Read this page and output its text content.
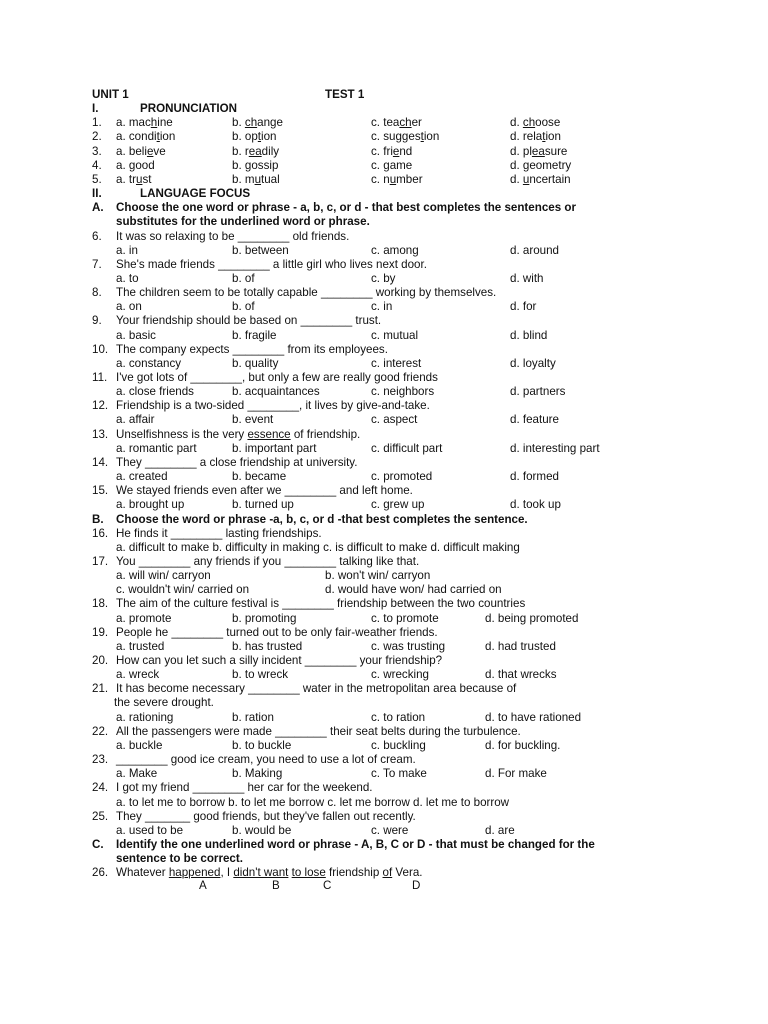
UNIT 1	TEST 1
I.	PRONUNCIATION
1.	a. machine	b. change	c. teacher	d. choose
2.	a. condition	b. option	c. suggestion	d. relation
3.	a. believe	b. readily	c. friend	d. pleasure
4.	a. good	b. gossip	c. game	d. geometry
5.	a. trust	b. mutual	c. number	d. uncertain
II.	LANGUAGE FOCUS
A. Choose the one word or phrase - a, b, c, or d - that best completes the sentences or
substitutes for the underlined word or phrase.
6.	It was so relaxing to be ________ old friends.
a. in	b. between	c. among	d. around
7.	She's made friends ________ a little girl who lives next door.
a. to	b. of	c. by	d. with
8.	The children seem to be totally capable ________ working by themselves.
a. on	b. of	c. in	d. for
9.	Your friendship should be based on ________ trust.
a. basic	b. fragile	c. mutual	d. blind
10. The company expects ________ from its employees.
a. constancy	b. quality	c. interest	d. loyalty
11. I've got lots of ________, but only a few are really good friends
a. close friends	b. acquaintances	c. neighbors	d. partners
12. Friendship is a two-sided ________, it lives by give-and-take.
a. affair	b. event	c. aspect	d. feature
13. Unselfishness is the very essence of friendship.
a. romantic part	b. important part	c. difficult part	d. interesting part
14. They ________ a close friendship at university.
a. created	b. became	c. promoted	d. formed
15. We stayed friends even after we ________ and left home.
a. brought up	b. turned up	c. grew up	d. took up
B. Choose the word or phrase -a, b, c, or d -that best completes the sentence.
16. He finds it ________ lasting friendships.
a. difficult to make b. difficulty in making c. is difficult to make d. difficult making
17. You ________ any friends if you ________ talking like that.
a. will win/ carryon	b. won't win/ carryon
c. wouldn't win/ carried on	d. would have won/ had carried on
18. The aim of the culture festival is ________ friendship between the two countries
a. promote	b. promoting	c. to promote	d. being promoted
19. People he ________ turned out to be only fair-weather friends.
a. trusted	b. has trusted	c. was trusting	d. had trusted
20. How can you let such a silly incident ________ your friendship?
a. wreck	b. to wreck	c. wrecking	d. that wrecks
21. It has become necessary ________ water in the metropolitan area because of
the severe drought.
a. rationing	b. ration	c. to ration	d. to have rationed
22. All the passengers were made ________ their seat belts during the turbulence.
a. buckle	b. to buckle	c. buckling	d. for buckling.
23. ________ good ice cream, you need to use a lot of cream.
a. Make	b. Making	c. To make	d. For make
24. I got my friend ________ her car for the weekend.
a. to let me to borrow b. to let me borrow c. let me borrow d. let me to borrow
25. They _______ good friends, but they've fallen out recently.
a. used to be	b. would be	c. were	d. are
C. Identify the one underlined word or phrase - A, B, C or D - that must be changed for the
sentence to be correct.
26. Whatever happened, I didn't want to lose friendship of Vera.
A	B	C	D
